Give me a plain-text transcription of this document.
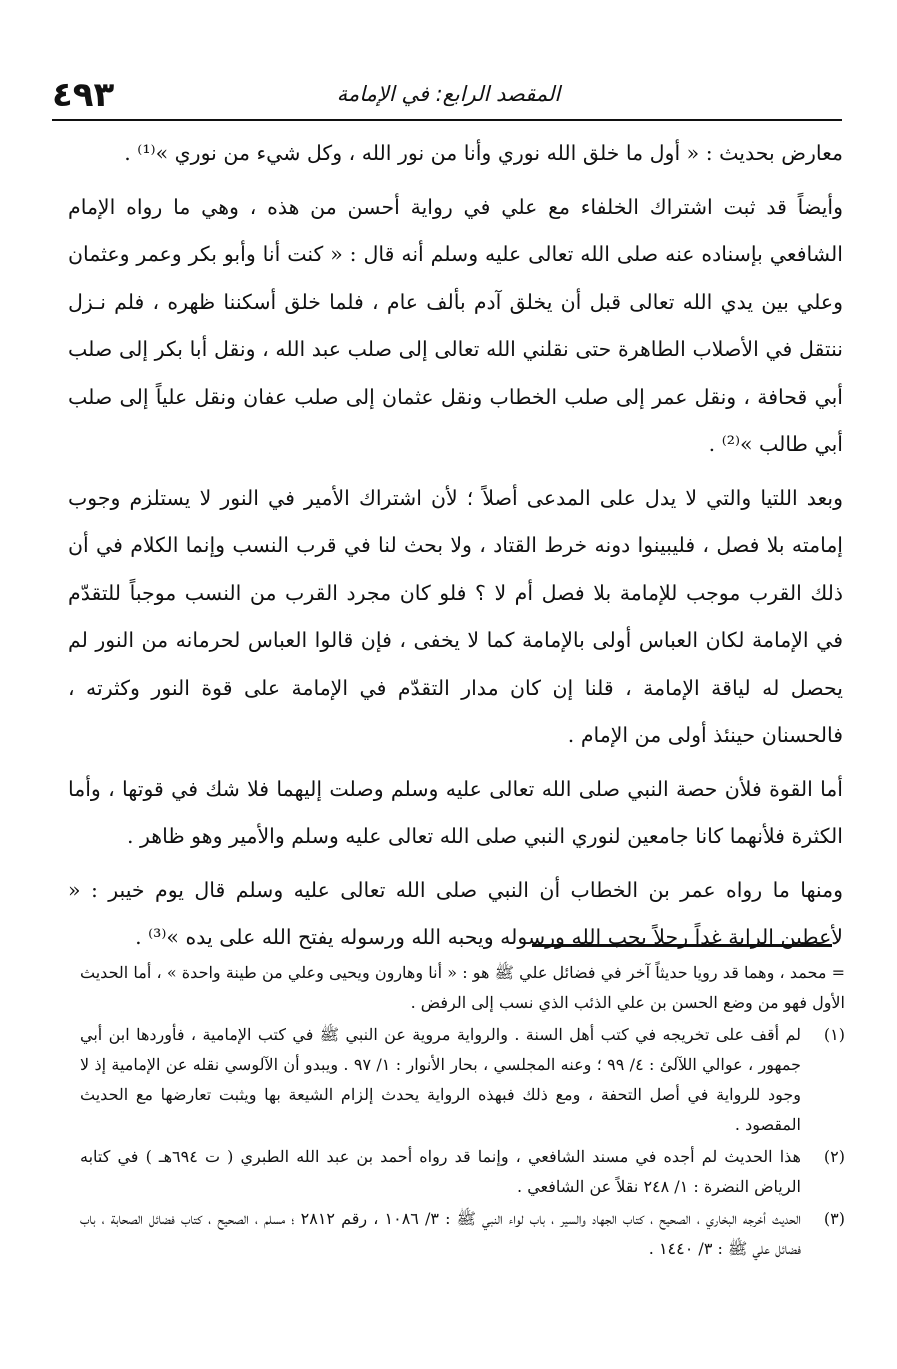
٤٩٣	المقصد الرابع: في الإمامة

معارض بحديث : « أول ما خلق الله نوري وأنا من نور الله ، وكل شيء من نوري »⁽¹⁾ .

وأيضاً قد ثبت اشتراك الخلفاء مع علي في رواية أحسن من هذه ، وهي ما رواه الإمام الشافعي بإسناده عنه صلى الله تعالى عليه وسلم أنه قال : « كنت أنا وأبو بكر وعمر وعثمان وعلي بين يدي الله تعالى قبل أن يخلق آدم بألف عام ، فلما خلق أسكننا ظهره ، فلم نـزل ننتقل في الأصلاب الطاهرة حتى نقلني الله تعالى إلى صلب عبد الله ، ونقل أبا بكر إلى صلب أبي قحافة ، ونقل عمر إلى صلب الخطاب ونقل عثمان إلى صلب عفان ونقل علياً إلى صلب أبي طالب »⁽²⁾ .

وبعد اللتيا والتي لا يدل على المدعى أصلاً ؛ لأن اشتراك الأمير في النور لا يستلزم وجوب إمامته بلا فصل ، فليبينوا دونه خرط القتاد ، ولا بحث لنا في قرب النسب وإنما الكلام في أن ذلك القرب موجب للإمامة بلا فصل أم لا ؟ فلو كان مجرد القرب من النسب موجباً للتقدّم في الإمامة لكان العباس أولى بالإمامة كما لا يخفى ، فإن قالوا العباس لحرمانه من النور لم يحصل له لياقة الإمامة ، قلنا إن كان مدار التقدّم في الإمامة على قوة النور وكثرته ، فالحسنان حينئذ أولى من الإمام .

أما القوة فلأن حصة النبي صلى الله تعالى عليه وسلم وصلت إليهما فلا شك في قوتها ، وأما الكثرة فلأنهما كانا جامعين لنوري النبي صلى الله تعالى عليه وسلم والأمير وهو ظاهر .

ومنها ما رواه عمر بن الخطاب أن النبي صلى الله تعالى عليه وسلم قال يوم خيبر : « لأعطين الراية غداً رجلاً يحب الله ورسوله ويحبه الله ورسوله يفتح الله على يده »⁽³⁾ .

= محمد ، وهما قد رويا حديثاً آخر في فضائل علي ﷺ هو : « أنا وهارون ويحيى وعلي من طينة واحدة » ، أما الحديث الأول فهو من وضع الحسن بن علي الذئب الذي نسب إلى الرفض .

(١)
لم أقف على تخريجه في كتب أهل السنة . والرواية مروية عن النبي ﷺ في كتب الإمامية ، فأوردها ابن أبي جمهور ، عوالي اللآلئ : ٤/ ٩٩ ؛ وعنه المجلسي ، بحار الأنوار : ١/ ٩٧ . ويبدو أن الآلوسي نقله عن الإمامية إذ لا وجود للرواية في أصل التحفة ، ومع ذلك فبهذه الرواية يحدث إلزام الشيعة بها ويثبت تعارضها مع الحديث المقصود .

(٢)
هذا الحديث لم أجده في مسند الشافعي ، وإنما قد رواه أحمد بن عبد الله الطبري ( ت ٦٩٤هـ ) في كتابه الرياض النضرة : ١/ ٢٤٨ نقلاً عن الشافعي .

(٣)
الحديث أخرجه البخاري ، الصحيح ، كتاب الجهاد والسير ، باب لواء النبي ﷺ : ٣/ ١٠٨٦ ، رقم ٢٨١٢ ؛ مسلم ، الصحيح ، كتاب فضائل الصحابة ، باب فضائل علي ﷺ : ٣/ ١٤٤٠ .
